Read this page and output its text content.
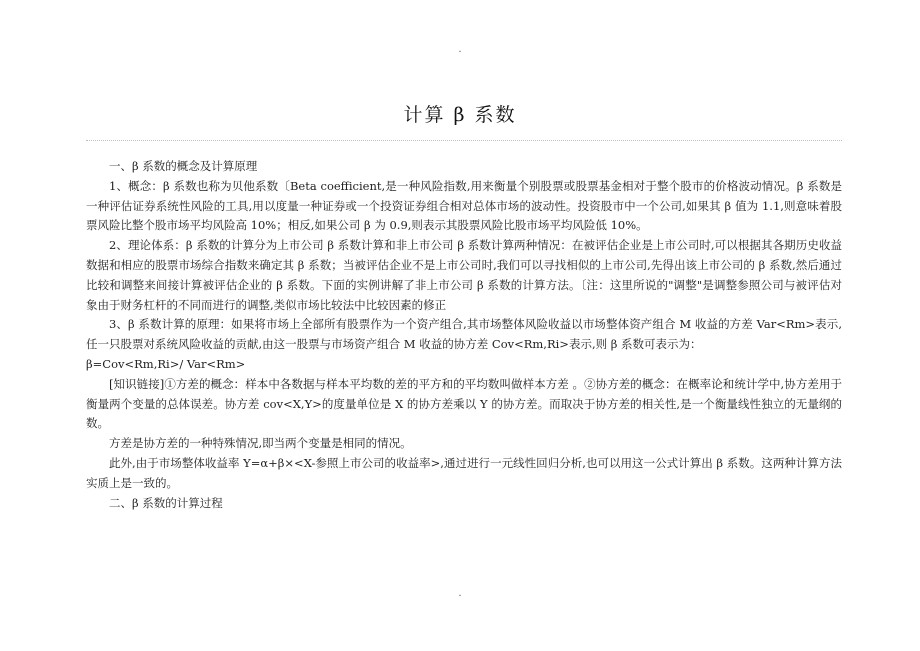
.
计算 β 系数

一、β 系数的概念及计算原理

1、概念：β 系数也称为贝他系数〔Beta coefficient,是一种风险指数,用来衡量个别股票或股票基金相对于整个股市的价格波动情况。β 系数是一种评估证券系统性风险的工具,用以度量一种证券或一个投资证券组合相对总体市场的波动性。投资股市中一个公司,如果其 β 值为 1.1,则意味着股票风险比整个股市场平均风险高 10%；相反,如果公司 β 为 0.9,则表示其股票风险比股市场平均风险低 10%。

2、理论体系：β 系数的计算分为上市公司 β 系数计算和非上市公司 β 系数计算两种情况：在被评估企业是上市公司时,可以根据其各期历史收益数据和相应的股票市场综合指数来确定其 β 系数；当被评估企业不是上市公司时,我们可以寻找相似的上市公司,先得出该上市公司的 β 系数,然后通过比较和调整来间接计算被评估企业的 β 系数。下面的实例讲解了非上市公司 β 系数的计算方法。〔注：这里所说的"调整"是调整参照公司与被评估对象由于财务杠杆的不同而进行的调整,类似市场比较法中比较因素的修正

3、β 系数计算的原理：如果将市场上全部所有股票作为一个资产组合,其市场整体风险收益以市场整体资产组合 M 收益的方差 Var<Rm>表示,任一只股票对系统风险收益的贡献,由这一股票与市场资产组合 M 收益的协方差 Cov<Rm,Ri>表示,则 β 系数可表示为：

β=Cov<Rm,Ri>/ Var<Rm>

[知识链接]①方差的概念：样本中各数据与样本平均数的差的平方和的平均数叫做样本方差 。②协方差的概念：在概率论和统计学中,协方差用于衡量两个变量的总体误差。协方差 cov<X,Y>的度量单位是 X 的协方差乘以 Y 的协方差。而取决于协方差的相关性,是一个衡量线性独立的无量纲的数。

方差是协方差的一种特殊情况,即当两个变量是相同的情况。

此外,由于市场整体收益率 Y=α+β×<X-参照上市公司的收益率>,通过进行一元线性回归分析,也可以用这一公式计算出 β 系数。这两种计算方法实质上是一致的。

二、β 系数的计算过程

.
